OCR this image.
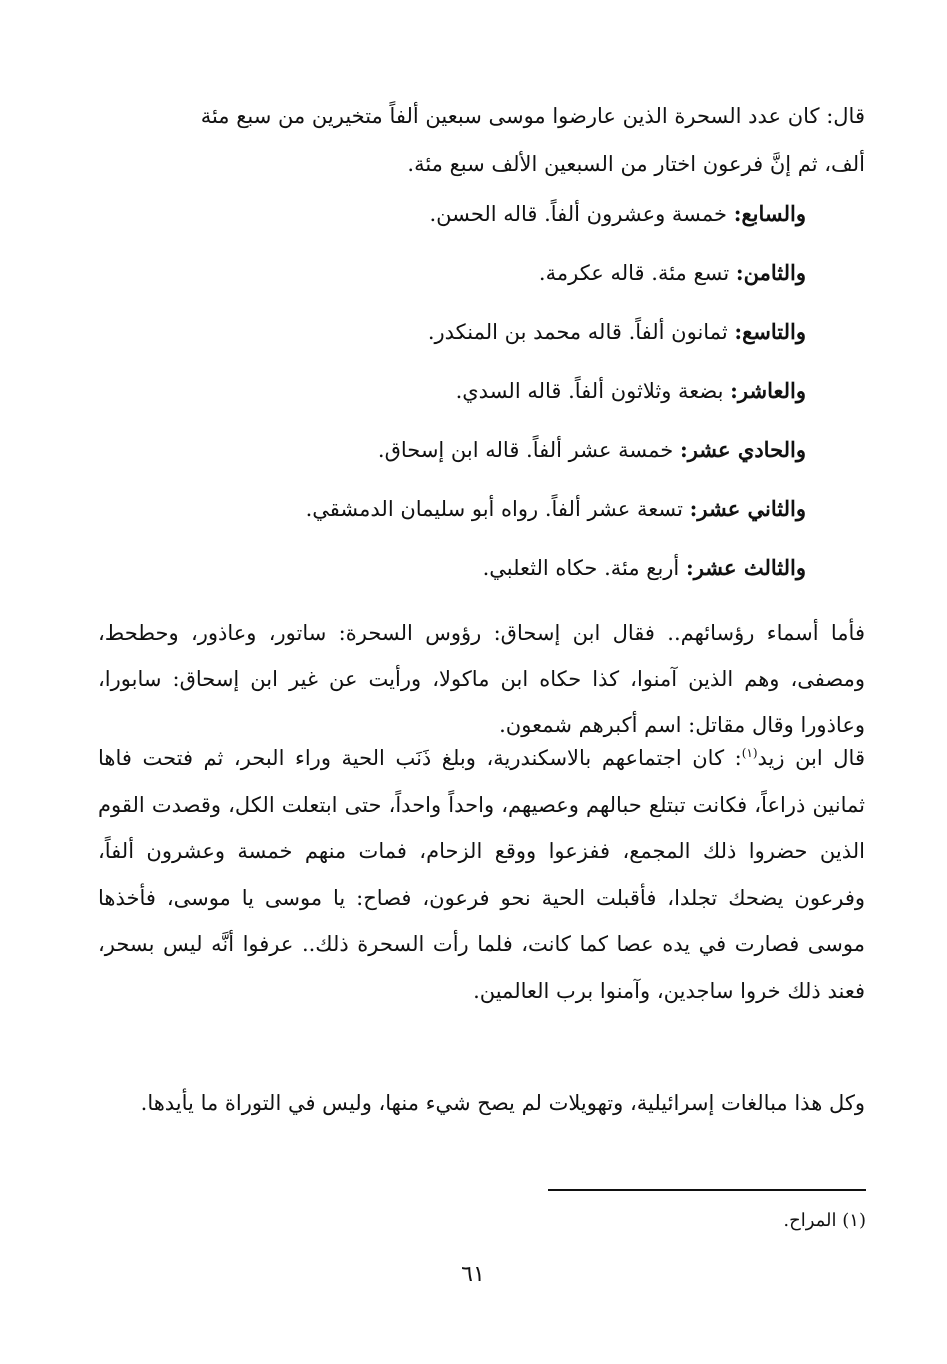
قال: كان عدد السحرة الذين عارضوا موسى سبعين ألفاً متخيرين من سبع مئة
ألف، ثم إنَّ فرعون اختار من السبعين الألف سبع مئة.
والسابع: خمسة وعشرون ألفاً. قاله الحسن.
والثامن: تسع مئة. قاله عكرمة.
والتاسع: ثمانون ألفاً. قاله محمد بن المنكدر.
والعاشر: بضعة وثلاثون ألفاً. قاله السدي.
والحادي عشر: خمسة عشر ألفاً. قاله ابن إسحاق.
والثاني عشر: تسعة عشر ألفاً. رواه أبو سليمان الدمشقي.
والثالث عشر: أربع مئة. حكاه الثعلبي.
فأما أسماء رؤسائهم.. فقال ابن إسحاق: رؤوس السحرة: ساتور، وعاذور، وحطحط، ومصفى، وهم الذين آمنوا، كذا حكاه ابن ماكولا، ورأيت عن غير ابن إسحاق: سابورا، وعاذورا وقال مقاتل: اسم أكبرهم شمعون.
قال ابن زيد$^{(١)}$: كان اجتماعهم بالاسكندرية، وبلغ ذَنَب الحية وراء البحر، ثم فتحت فاها ثمانين ذراعاً، فكانت تبتلع حبالهم وعصيهم، واحداً واحداً، حتى ابتعلت الكل، وقصدت القوم الذين حضروا ذلك المجمع، ففزعوا ووقع الزحام، فمات منهم خمسة وعشرون ألفاً، وفرعون يضحك تجلدا، فأقبلت الحية نحو فرعون، فصاح: يا موسى يا موسى، فأخذها موسى فصارت في يده عصا كما كانت، فلما رأت السحرة ذلك.. عرفوا أنَّه ليس بسحر، فعند ذلك خروا ساجدين، وآمنوا برب العالمين.
وكل هذا مبالغات إسرائيلية، وتهويلات لم يصح شيء منها، وليس في التوراة ما يأيدها.
(١) المراح.
٦١
